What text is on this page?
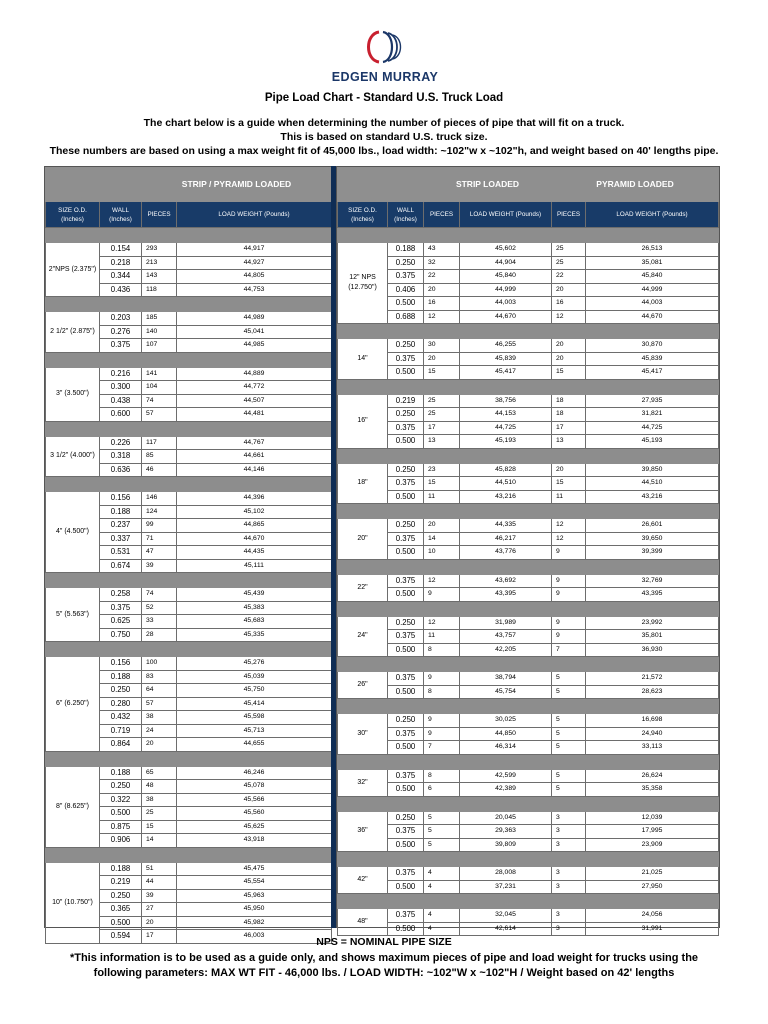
EDGEN MURRAY
Pipe Load Chart - Standard U.S. Truck Load
The chart below is a guide when determining the number of pieces of pipe that will fit on a truck.
This is based on standard U.S. truck size.
These numbers are based on using a max weight fit of 45,000 lbs., load width: ~102"w x ~102"h, and weight based on 40' lengths pipe.
		STRIP / PYRAMID LOADED	
SIZE O.D. (Inches)	WALL (Inches)	PIECES	LOAD WEIGHT (Pounds)

2"NPS (2.375")	0.154	293	44,917
	0.218	213	44,927
	0.344	143	44,805
	0.436	118	44,753

2 1/2" (2.875")	0.203	185	44,989
	0.276	140	45,041
	0.375	107	44,985

3" (3.500")	0.216	141	44,889
	0.300	104	44,772
	0.438	74	44,507
	0.600	57	44,481

3 1/2" (4.000")	0.226	117	44,767
	0.318	85	44,661
	0.636	46	44,146

4" (4.500")	0.156	146	44,396
	0.188	124	45,102
	0.237	99	44,865
	0.337	71	44,670
	0.531	47	44,435
	0.674	39	45,111

5" (5.563")	0.258	74	45,439
	0.375	52	45,383
	0.625	33	45,683
	0.750	28	45,335

6" (6.250")	0.156	100	45,276
	0.188	83	45,039
	0.250	64	45,750
	0.280	57	45,414
	0.432	38	45,598
	0.719	24	45,713
	0.864	20	44,655

8" (8.625")	0.188	65	46,246
	0.250	48	45,078
	0.322	38	45,566
	0.500	25	45,560
	0.875	15	45,625
	0.906	14	43,918

10" (10.750")	0.188	51	45,475
	0.219	44	45,554
	0.250	39	45,963
	0.365	27	45,950
	0.500	20	45,982
	0.594	17	46,003
		STRIP LOADED		PYRAMID LOADED	
SIZE O.D. (Inches)	WALL (Inches)	PIECES	LOAD WEIGHT (Pounds)	PIECES	LOAD WEIGHT (Pounds)

12" NPS (12.750")	0.188	43	45,602	25	26,513
	0.250	32	44,904	25	35,081
	0.375	22	45,840	22	45,840
	0.406	20	44,999	20	44,999
	0.500	16	44,003	16	44,003
	0.688	12	44,670	12	44,670

14"	0.250	30	46,255	20	30,870
	0.375	20	45,839	20	45,839
	0.500	15	45,417	15	45,417

16"	0.219	25	38,756	18	27,935
	0.250	25	44,153	18	31,821
	0.375	17	44,725	17	44,725
	0.500	13	45,193	13	45,193

18"	0.250	23	45,828	20	39,850
	0.375	15	44,510	15	44,510
	0.500	11	43,216	11	43,216

20"	0.250	20	44,335	12	26,601
	0.375	14	46,217	12	39,650
	0.500	10	43,776	9	39,399

22"	0.375	12	43,692	9	32,769
	0.500	9	43,395	9	43,395

24"	0.250	12	31,989	9	23,992
	0.375	11	43,757	9	35,801
	0.500	8	42,205	7	36,930

26"	0.375	9	38,794	5	21,572
	0.500	8	45,754	5	28,623

30"	0.250	9	30,025	5	16,698
	0.375	9	44,850	5	24,940
	0.500	7	46,314	5	33,113

32"	0.375	8	42,599	5	26,624
	0.500	6	42,389	5	35,358

36"	0.250	5	20,045	3	12,039
	0.375	5	29,363	3	17,995
	0.500	5	39,809	3	23,909

42"	0.375	4	28,008	3	21,025
	0.500	4	37,231	3	27,950

48"	0.375	4	32,045	3	24,056
	0.500	4	42,614	3	31,991
NPS = NOMINAL PIPE SIZE
*This information is to be used as a guide only, and shows maximum pieces of pipe and load weight for trucks using the
following parameters: MAX WT FIT - 46,000 lbs. / LOAD WIDTH: ~102"W x ~102"H / Weight based on 42' lengths
